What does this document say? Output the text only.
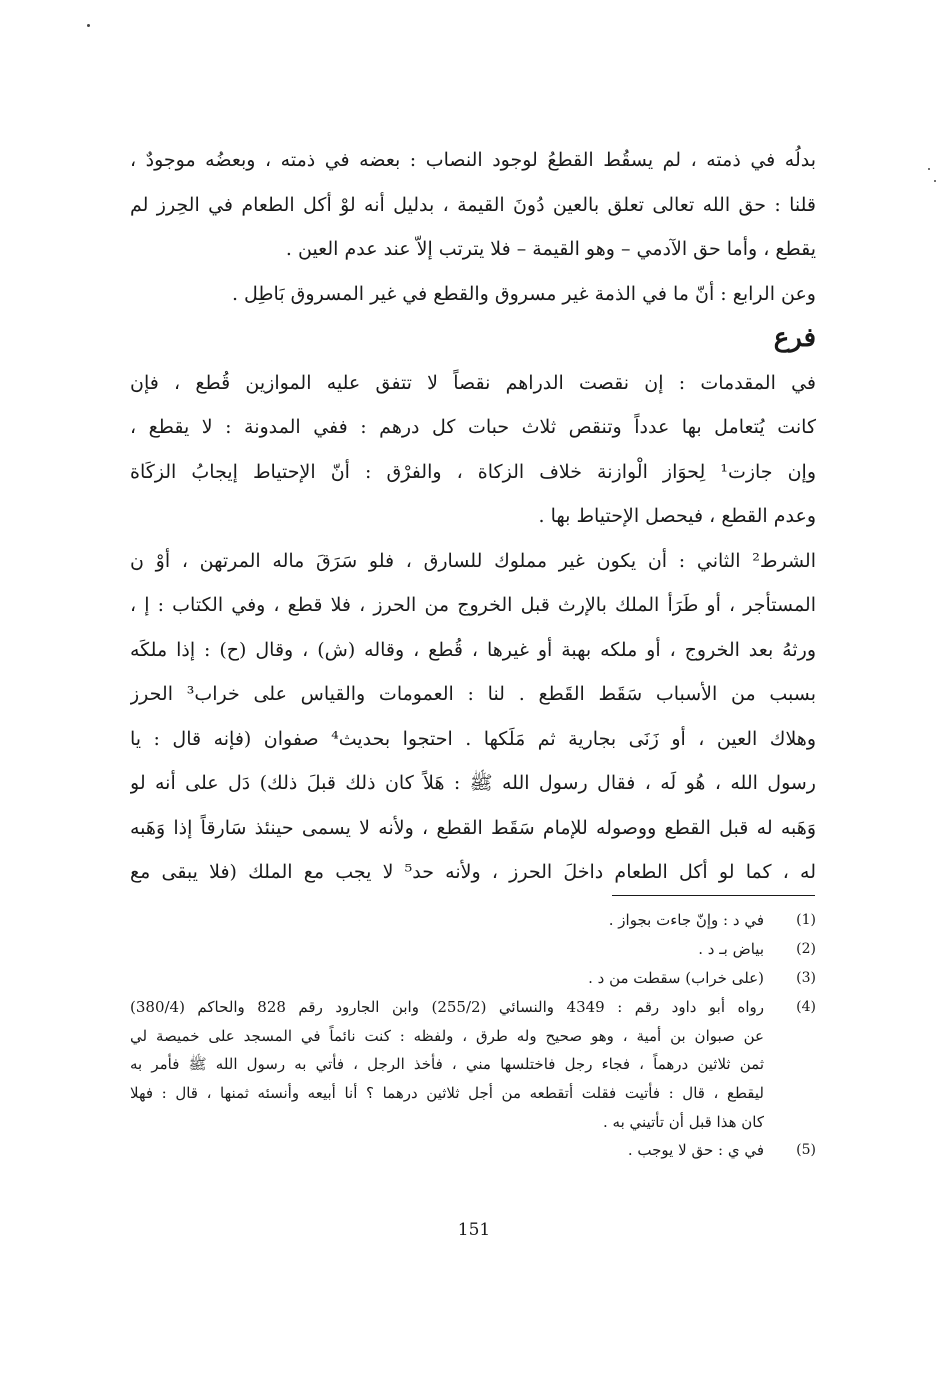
بدلُه في ذمته ، لم يسقُط القطعُ لوجود النصاب : بعضه في ذمته ، وبعضُه موجودٌ ،
قلنا : حق الله تعالى تعلق بالعين دُونَ القيمة ، بدليل أنه لوْ أكل الطعام في الحِرز لم
يقطع ، وأما حق الآدمي – وهو القيمة – فلا يترتب إلاّ عند عدم العين .
وعن الرابع : أنّ ما في الذمة غير مسروق والقطع في غير المسروق بَاطِل .
فرع
في المقدمات : إن نقصت الدراهم نقصاً لا تتفق عليه الموازين قُطع ، فإن
كانت يُتعامل بها عدداً وتنقص ثلاث حبات كل درهم : ففي المدونة : لا يقطع ،
وإن جازت¹ لِحوَاز الْوازنة خلاف الزكاة ، والفرْق : أنّ الإحتياط إيجابُ الزكَاة
وعدم القطع ، فيحصل الإحتياط بها .
الشرط² الثاني : أن يكون غير مملوك للسارق ، فلو سَرَقَ ماله المرتهن ، أوْ ن
المستأجر ، أو طَرَأ الملك بالإرث قبل الخروج من الحرز ، فلا قطع ، وفي الكتاب : إ ،
ورثهُ بعد الخروج ، أو ملكه بهبة أو غيرها ، قُطع ، وقاله (ش) ، وقال (ح) : إذا ملكَه
بسبب من الأسباب سَقَط القَطع . لنا : العمومات والقياس على خراب³ الحرز
وهلاك العين ، أو زَنَى بجارية ثم مَلَكها . احتجوا بحديث⁴ صفوان (فإنه قال : يا
رسول الله ، هُو لَه ، فقال رسول الله ﷺ : هَلاً كان ذلك قبلَ ذلك) دَل على أنه لو
وَهَبه له قبل القطع ووصوله للإمام سَقَط القطع ، ولأنه لا يسمى حينئذ سَارقاً إذا وَهَبه
له ، كما لو أكل الطعام داخلَ الحرز ، ولأنه حد⁵ لا يجب مع الملك (فلا يبقى مع
(1)
في د : وإنّ جاءت بجواز .
(2)
بياض بـ د .
(3)
(على خراب) سقطت من د .
(4)
رواه أبو داود رقم : 4349 والنسائي (255/2) وابن الجارود رقم 828 والحاكم (380/4)
عن صبوان بن أمية ، وهو صحيح وله طرق ، ولفظه : كنت نائماً في المسجد على خميصة لي
ثمن ثلاثين درهماً ، فجاء رجل فاختلسها مني ، فأخذ الرجل ، فأتي به رسول الله ﷺ فأمر به
ليقطع ، قال : فأتيت فقلت أتقطعه من أجل ثلاثين درهما ؟ أنا أبيعه وأنسئه ثمنها ، قال : فهلا
كان هذا قبل أن تأتيني به .
(5)
في ي : حق لا يوجب .
151
